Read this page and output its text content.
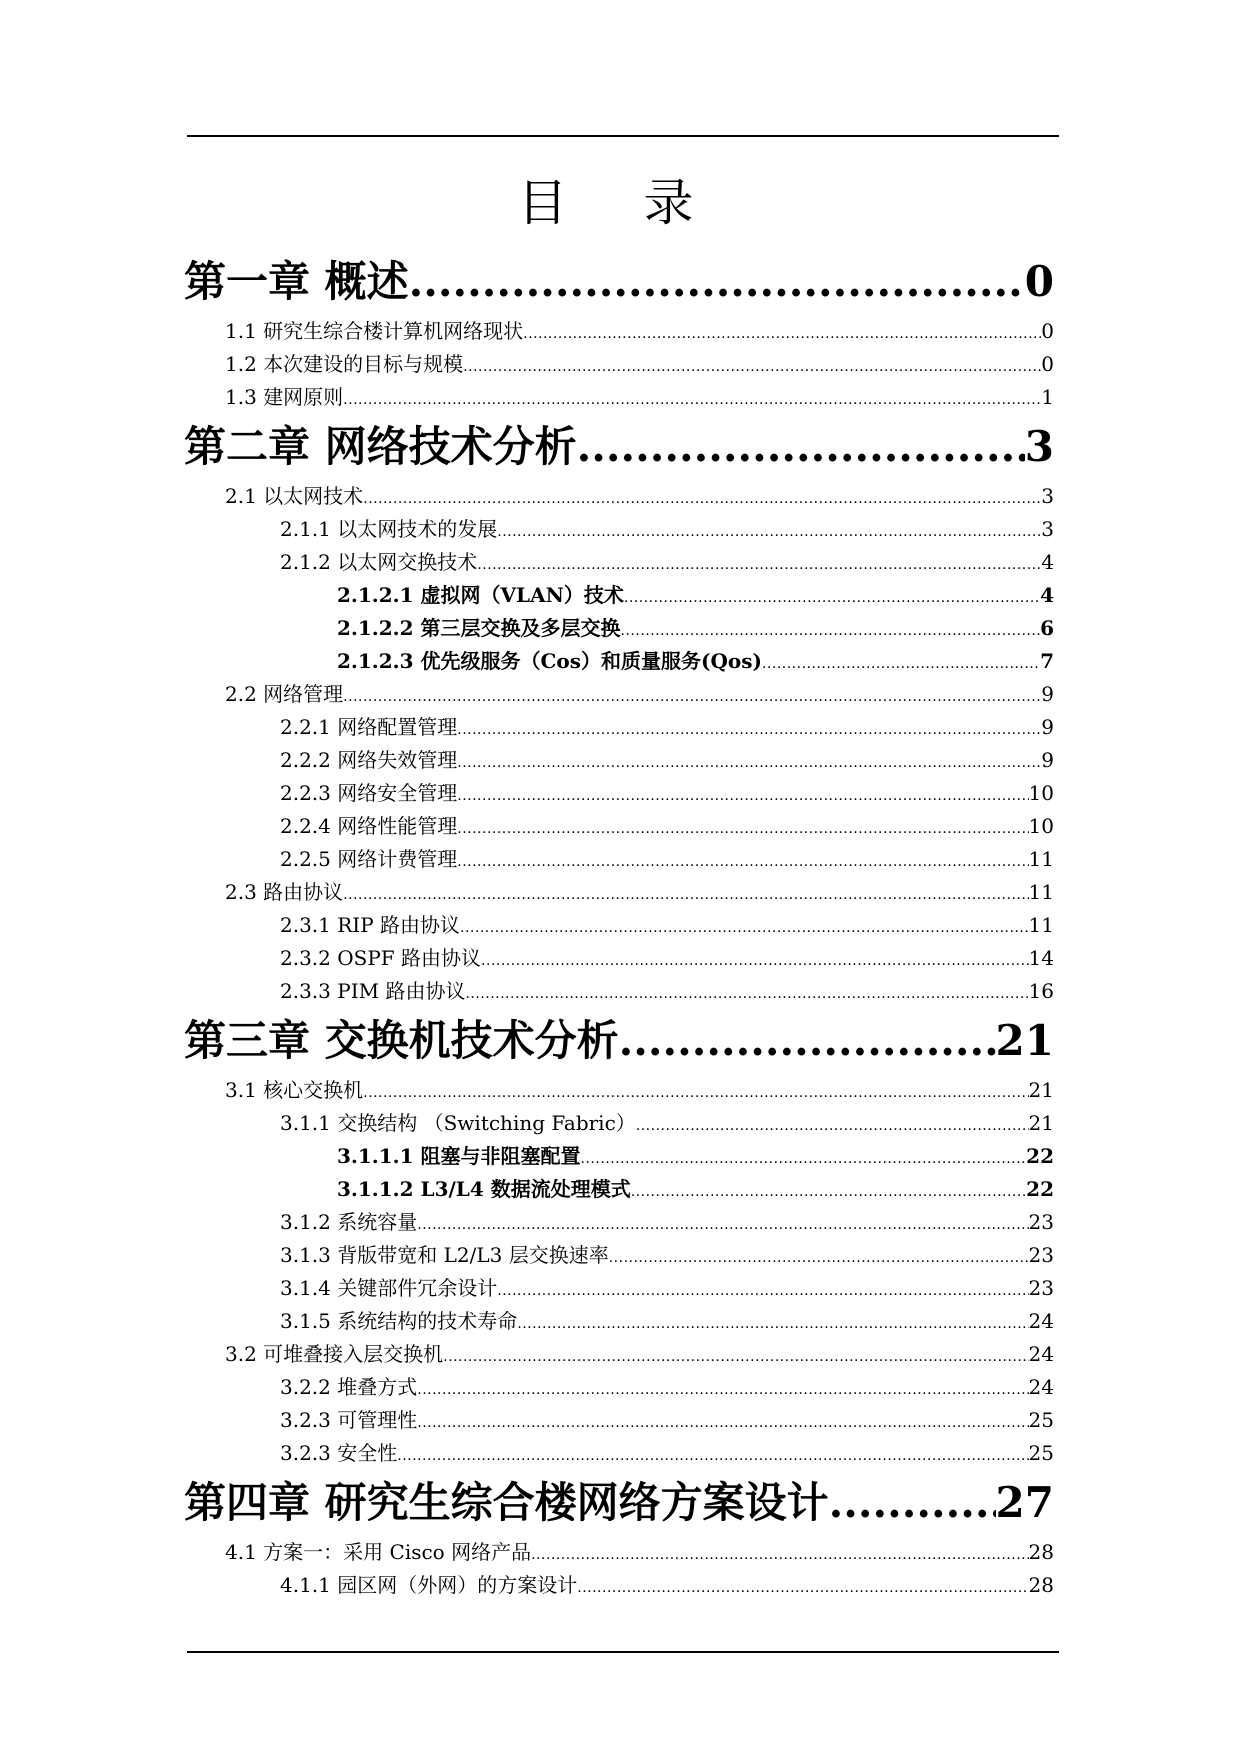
目 录
第一章 概述 .....	0
1.1 研究生综合楼计算机网络现状 .....	0
1.2 本次建设的目标与规模 .....	0
1.3 建网原则 .....	1
第二章 网络技术分析 .....	3
2.1 以太网技术 .....	3
2.1.1 以太网技术的发展 .....	3
2.1.2 以太网交换技术 .....	4
2.1.2.1 虚拟网（VLAN）技术 .....	4
2.1.2.2 第三层交换及多层交换 .....	6
2.1.2.3 优先级服务（Cos）和质量服务(Qos) .....	7
2.2 网络管理 .....	9
2.2.1 网络配置管理 .....	9
2.2.2 网络失效管理 .....	9
2.2.3 网络安全管理 .....	10
2.2.4 网络性能管理 .....	10
2.2.5 网络计费管理 .....	11
2.3 路由协议 .....	11
2.3.1 RIP 路由协议 .....	11
2.3.2 OSPF 路由协议 .....	14
2.3.3 PIM 路由协议 .....	16
第三章 交换机技术分析 .....	21
3.1 核心交换机 .....	21
3.1.1 交换结构 （Switching Fabric） .....	21
3.1.1.1 阻塞与非阻塞配置 .....	22
3.1.1.2 L3/L4 数据流处理模式 .....	22
3.1.2 系统容量 .....	23
3.1.3 背版带宽和 L2/L3 层交换速率 .....	23
3.1.4 关键部件冗余设计 .....	23
3.1.5 系统结构的技术寿命 .....	24
3.2 可堆叠接入层交换机 .....	24
3.2.2 堆叠方式 .....	24
3.2.3 可管理性 .....	25
3.2.3 安全性 .....	25
第四章 研究生综合楼网络方案设计 .....	27
4.1 方案一：采用 Cisco 网络产品 .....	28
4.1.1 园区网（外网）的方案设计 .....	28
